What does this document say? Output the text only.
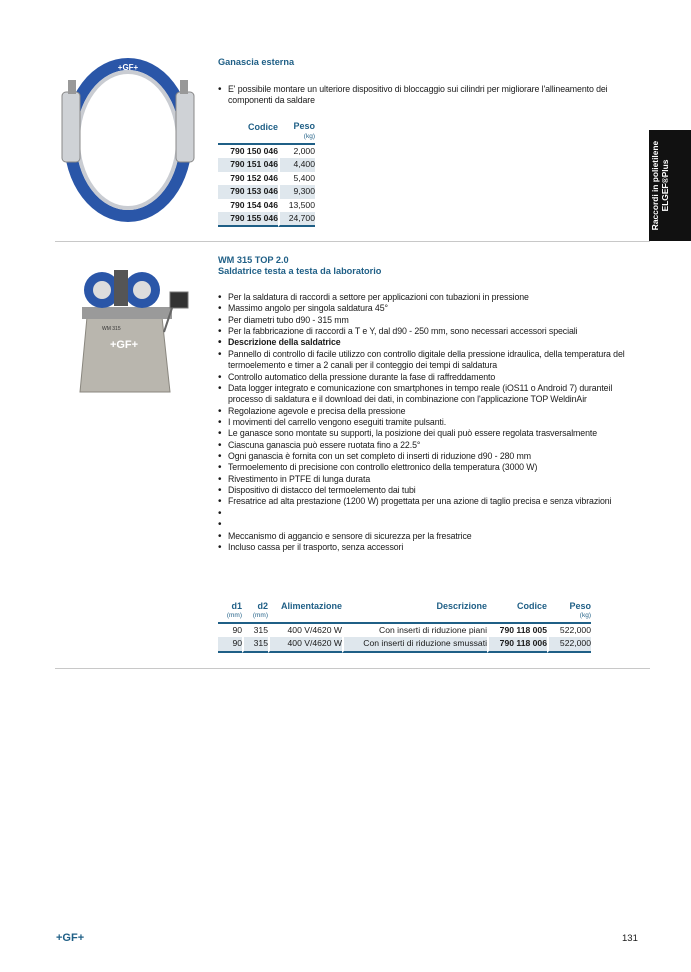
Raccordi in polietilene ELGEF®Plus
+GF+
Ganascia esterna
• E' possibile montare un ulteriore dispositivo di bloccaggio sui cilindri per migliorare l'allineamento dei componenti da saldare
Codice	Peso
	(kg)
790 150 046	2,000
790 151 046	4,400
790 152 046	5,400
790 153 046	9,300
790 154 046	13,500
790 155 046	24,700
WM 315
+GF+
WM 315 TOP 2.0
Saldatrice testa a testa da laboratorio
• Per la saldatura di raccordi a settore per applicazioni con tubazioni in pressione
• Massimo angolo per singola saldatura 45°
• Per diametri tubo d90 - 315 mm
• Per la fabbricazione di raccordi a T e Y, dal d90 - 250 mm, sono necessari accessori speciali
• Descrizione della saldatrice
• Pannello di controllo di facile utilizzo con controllo digitale della pressione idraulica, della temperatura del termoelemento e timer a 2 canali per il conteggio dei tempi di saldatura
• Controllo automatico della pressione durante la fase di raffreddamento
• Data logger integrato e comunicazione con smartphones in tempo reale (iOS11 o Android 7) duranteil processo di saldatura e il download dei dati, in combinazione con l'applicazione TOP WeldinAir
• Regolazione agevole e precisa della pressione
• I movimenti del carrello vengono eseguiti tramite pulsanti.
• Le ganasce sono montate su supporti, la posizione dei quali può essere regolata trasversalmente
• Ciascuna ganascia può essere ruotata fino a 22.5°
• Ogni ganascia è fornita con un set completo di inserti di riduzione d90 - 280 mm
• Termoelemento di precisione con controllo elettronico della temperatura (3000 W)
• Rivestimento in PTFE di lunga durata
• Dispositivo di distacco del termoelemento dai tubi
• Fresatrice ad alta prestazione (1200 W) progettata per una azione di taglio precisa e senza vibrazioni
•
•
• Meccanismo di aggancio e sensore di sicurezza per la fresatrice
• Incluso cassa per il trasporto, senza accessori
d1	d2	Alimentazione	Descrizione	Codice	Peso
(mm)	(mm)				(kg)
90	315	400 V/4620 W	Con inserti di riduzione piani	790 118 005	522,000
90	315	400 V/4620 W	Con inserti di riduzione smussati	790 118 006	522,000
+GF+	131
